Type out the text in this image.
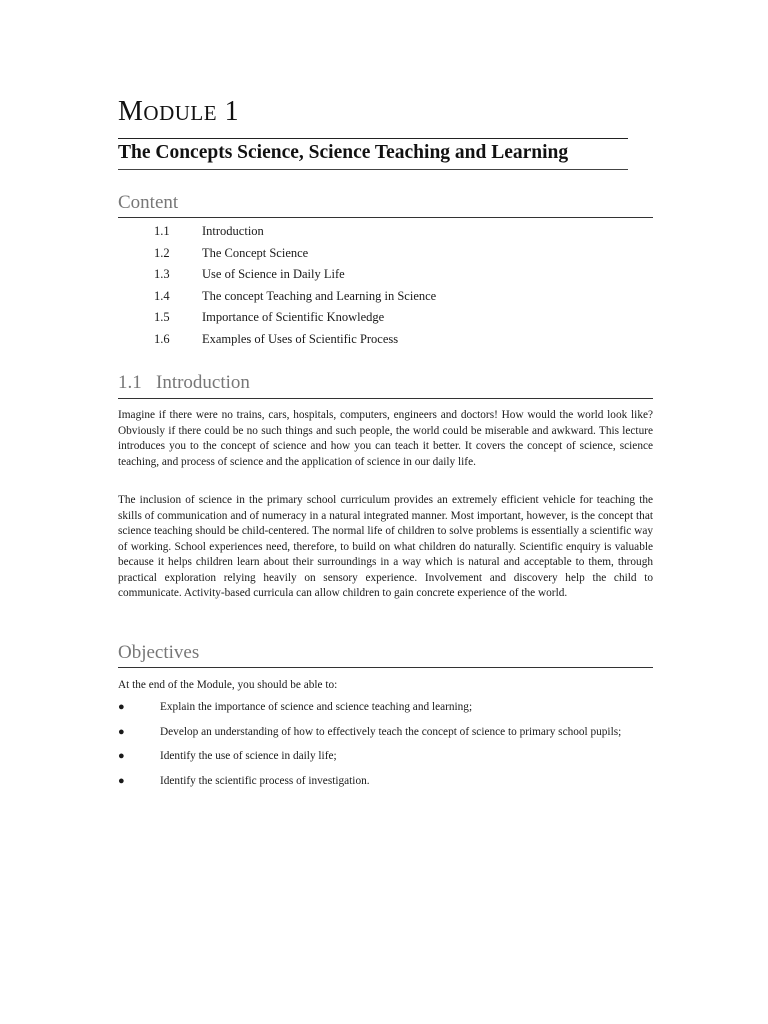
MODULE 1
The Concepts Science, Science Teaching and Learning
Content
1.1	Introduction
1.2	The Concept Science
1.3	Use of Science in Daily Life
1.4	The concept Teaching and Learning in Science
1.5	Importance of Scientific Knowledge
1.6	Examples of Uses of Scientific Process
1.1 Introduction

Imagine if there were no trains, cars, hospitals, computers, engineers and doctors! How would the world look like? Obviously if there could be no such things and such people, the world could be miserable and awkward. This lecture introduces you to the concept of science and how you can teach it better. It covers the concept of science, science teaching, and process of science and the application of science in our daily life.

The inclusion of science in the primary school curriculum provides an extremely efficient vehicle for teaching the skills of communication and of numeracy in a natural integrated manner. Most important, however, is the concept that science teaching should be child-centered. The normal life of children to solve problems is essentially a scientific way of working. School experiences need, therefore, to build on what children do naturally. Scientific enquiry is valuable because it helps children learn about their surroundings in a way which is natural and acceptable to them, through practical exploration relying heavily on sensory experience. Involvement and discovery help the child to communicate. Activity-based curricula can allow children to gain concrete experience of the world.

Objectives

At the end of the Module, you should be able to:

●	Explain the importance of science and science teaching and learning;
●	Develop an understanding of how to effectively teach the concept of science to primary school pupils;
●	Identify the use of science in daily life;
●	Identify the scientific process of investigation.
